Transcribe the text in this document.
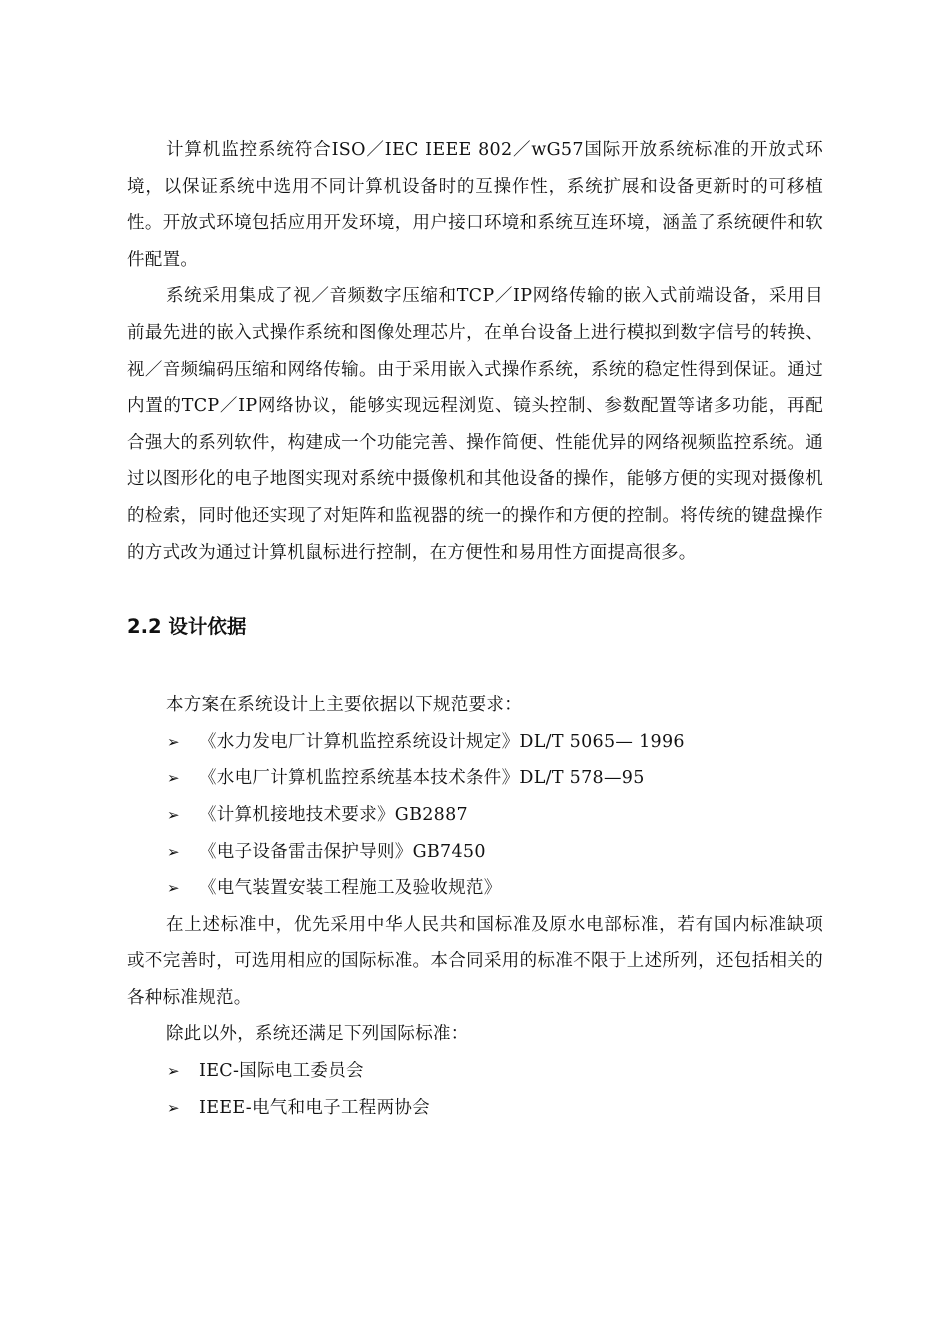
计算机监控系统符合ISO／IEC IEEE 802／wG57国际开放系统标准的开放式环境，以保证系统中选用不同计算机设备时的互操作性，系统扩展和设备更新时的可移植性。开放式环境包括应用开发环境，用户接口环境和系统互连环境，涵盖了系统硬件和软件配置。

系统采用集成了视／音频数字压缩和TCP／IP网络传输的嵌入式前端设备，采用目前最先进的嵌入式操作系统和图像处理芯片，在单台设备上进行模拟到数字信号的转换、视／音频编码压缩和网络传输。由于采用嵌入式操作系统，系统的稳定性得到保证。通过内置的TCP／IP网络协议，能够实现远程浏览、镜头控制、参数配置等诸多功能，再配合强大的系列软件，构建成一个功能完善、操作简便、性能优异的网络视频监控系统。通过以图形化的电子地图实现对系统中摄像机和其他设备的操作，能够方便的实现对摄像机的检索，同时他还实现了对矩阵和监视器的统一的操作和方便的控制。将传统的键盘操作的方式改为通过计算机鼠标进行控制，在方便性和易用性方面提高很多。

2.2 设计依据

本方案在系统设计上主要依据以下规范要求：

➢ 《水力发电厂计算机监控系统设计规定》DL/T 5065— 1996
➢ 《水电厂计算机监控系统基本技术条件》DL/T 578—95
➢ 《计算机接地技术要求》GB2887
➢ 《电子设备雷击保护导则》GB7450
➢ 《电气装置安装工程施工及验收规范》

在上述标准中，优先采用中华人民共和国标准及原水电部标准，若有国内标准缺项或不完善时，可选用相应的国际标准。本合同采用的标准不限于上述所列，还包括相关的各种标准规范。

除此以外，系统还满足下列国际标准：

➢ IEC-国际电工委员会
➢ IEEE-电气和电子工程两协会
